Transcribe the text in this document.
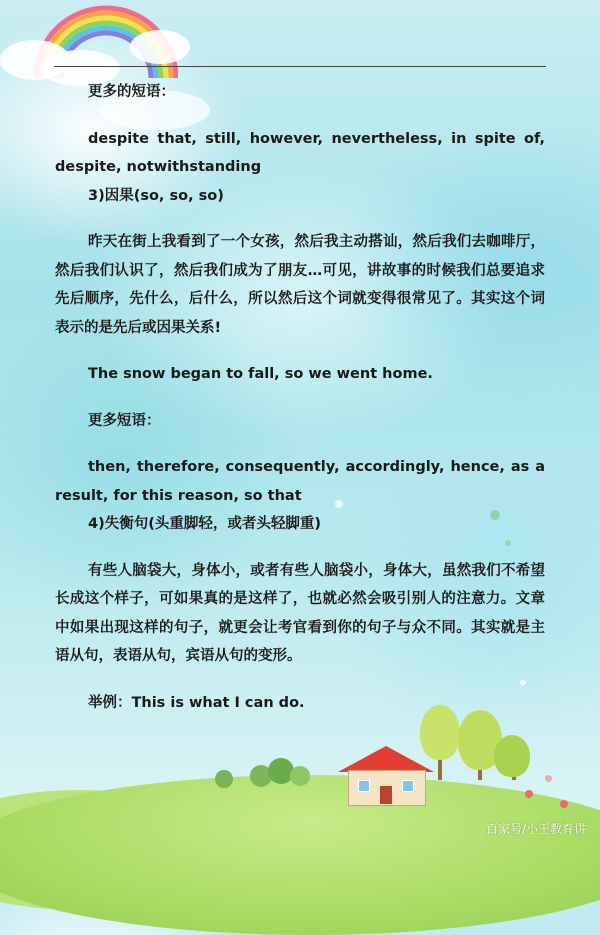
更多的短语：

despite that, still, however, nevertheless, in spite of, despite, notwithstanding

3)因果(so, so, so)

昨天在街上我看到了一个女孩，然后我主动搭讪，然后我们去咖啡厅，然后我们认识了，然后我们成为了朋友…可见，讲故事的时候我们总要追求先后顺序，先什么，后什么，所以然后这个词就变得很常见了。其实这个词表示的是先后或因果关系!

The snow began to fall, so we went home.

更多短语：

then, therefore, consequently, accordingly, hence, as a result, for this reason, so that

4)失衡句(头重脚轻，或者头轻脚重)

有些人脑袋大，身体小，或者有些人脑袋小，身体大，虽然我们不希望长成这个样子，可如果真的是这样了，也就必然会吸引别人的注意力。文章中如果出现这样的句子，就更会让考官看到你的句子与众不同。其实就是主语从句，表语从句，宾语从句的变形。

举例：This is what I can do.

百家号/小王教育讲
